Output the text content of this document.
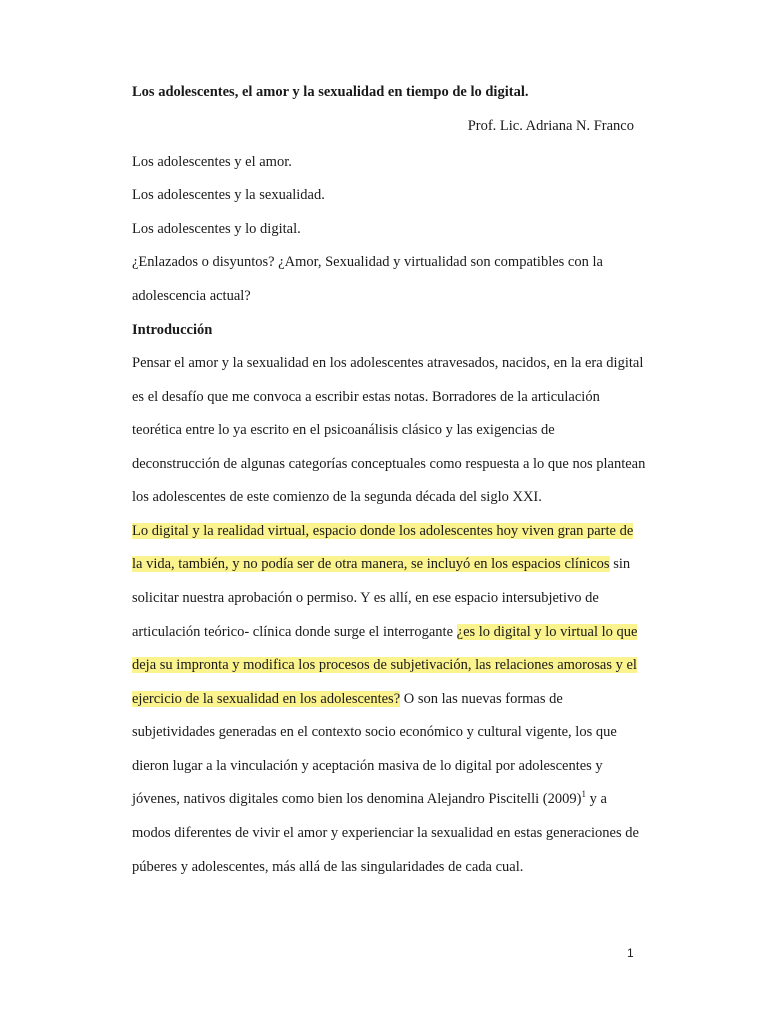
Los adolescentes, el amor y la sexualidad en tiempo de lo digital.
Prof. Lic. Adriana N. Franco
Los adolescentes y el amor.
Los adolescentes y la sexualidad.
Los adolescentes y lo digital.
¿Enlazados o disyuntos? ¿Amor, Sexualidad y virtualidad son compatibles con la
adolescencia actual?
Introducción
Pensar el amor y la sexualidad en los adolescentes atravesados, nacidos, en la era digital
es el desafío que me convoca a escribir estas notas. Borradores de la articulación
teorética entre lo ya escrito en el psicoanálisis clásico y las exigencias de
deconstrucción de algunas categorías conceptuales como respuesta a lo que nos plantean
los adolescentes de este comienzo de la segunda década del siglo XXI.
Lo digital y la realidad virtual, espacio donde los adolescentes hoy viven gran parte de
la vida, también, y no podía ser de otra manera, se incluyó en los espacios clínicos sin
solicitar nuestra aprobación o permiso. Y es allí, en ese espacio intersubjetivo de
articulación teórico- clínica donde surge el interrogante ¿es lo digital y lo virtual lo que
deja su impronta y modifica los procesos de subjetivación, las relaciones amorosas y el
ejercicio de la sexualidad en los adolescentes? O son las nuevas formas de
subjetividades generadas en el contexto socio económico y cultural vigente, los que
dieron lugar a la vinculación y aceptación masiva de lo digital por adolescentes y
jóvenes, nativos digitales como bien los denomina Alejandro Piscitelli $(2009)^1$ y a
modos diferentes de vivir el amor y experienciar la sexualidad en estas generaciones de
púberes y adolescentes, más allá de las singularidades de cada cual.
1
